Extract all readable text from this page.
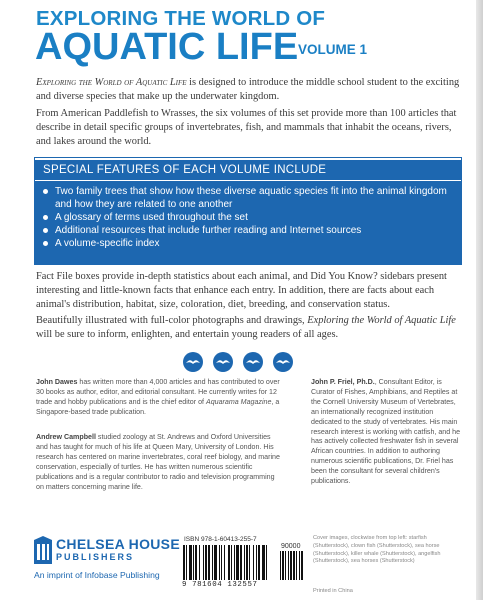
EXPLORING THE WORLD OF
AQUATIC LIFE VOLUME 1

Exploring the World of Aquatic Life is designed to introduce the middle school student to the exciting and diverse species that make up the underwater kingdom.

From American Paddlefish to Wrasses, the six volumes of this set provide more than 100 articles that describe in detail specific groups of invertebrates, fish, and mammals that inhabit the oceans, rivers, and lakes around the world.

SPECIAL FEATURES OF EACH VOLUME INCLUDE
Two family trees that show how these diverse aquatic species fit into the animal kingdom and how they are related to one another
A glossary of terms used throughout the set
Additional resources that include further reading and Internet sources
A volume-specific index

Fact File boxes provide in-depth statistics about each animal, and Did You Know? sidebars present interesting and little-known facts that enhance each entry. In addition, there are facts about each animal's distribution, habitat, size, coloration, diet, breeding, and conservation status.

Beautifully illustrated with full-color photographs and drawings, Exploring the World of Aquatic Life will be sure to inform, enlighten, and entertain young readers of all ages.

John Dawes has written more than 4,000 articles and has contributed to over 30 books as author, editor, and editorial consultant. He currently writes for 12 trade and hobby publications and is the chief editor of Aquarama Magazine, a Singapore-based trade publication.

Andrew Campbell studied zoology at St. Andrews and Oxford Universities and has taught for much of his life at Queen Mary, University of London. His research has centered on marine invertebrates, coral reef biology, and marine conservation, especially of turtles. He has written numerous scientific publications and is a regular contributor to radio and television programming on matters concerning marine life.

John P. Friel, Ph.D., Consultant Editor, is Curator of Fishes, Amphibians, and Reptiles at the Cornell University Museum of Vertebrates, an internationally recognized institution dedicated to the study of vertebrates. His main research interest is working with catfish, and he has actively collected freshwater fish in several African countries. In addition to authoring numerous scientific publications, Dr. Friel has been the consultant for several children's publications.

CHELSEA HOUSE
PUBLISHERS
An imprint of Infobase Publishing
ISBN 978-1-60413-255-7
90000
9 781604 132557

Cover images, clockwise from top left: starfish (Shutterstock), clown fish (Shutterstock), sea horse (Shutterstock), killer whale (Shutterstock), angelfish (Shutterstock), sea horses (Shutterstock)

Printed in China
